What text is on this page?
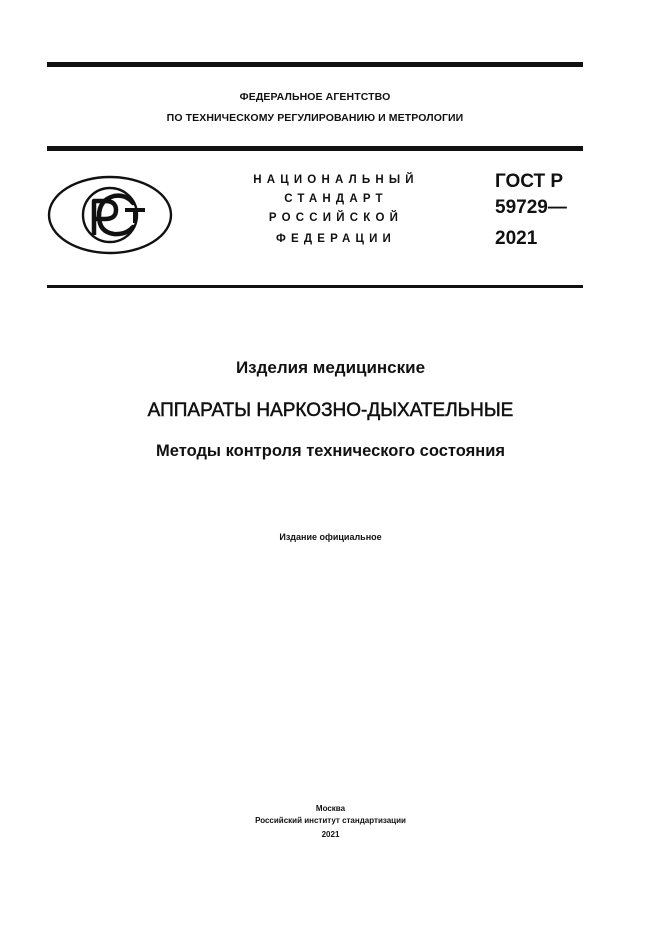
ФЕДЕРАЛЬНОЕ АГЕНТСТВО
ПО ТЕХНИЧЕСКОМУ РЕГУЛИРОВАНИЮ И МЕТРОЛОГИИ
НАЦИОНАЛЬНЫЙ
СТАНДАРТ
РОССИЙСКОЙ
ФЕДЕРАЦИИ
ГОСТ Р
59729—
2021
Изделия медицинские
АППАРАТЫ НАРКОЗНО-ДЫХАТЕЛЬНЫЕ
Методы контроля технического состояния
Издание официальное
Москва
Российский институт стандартизации
2021
